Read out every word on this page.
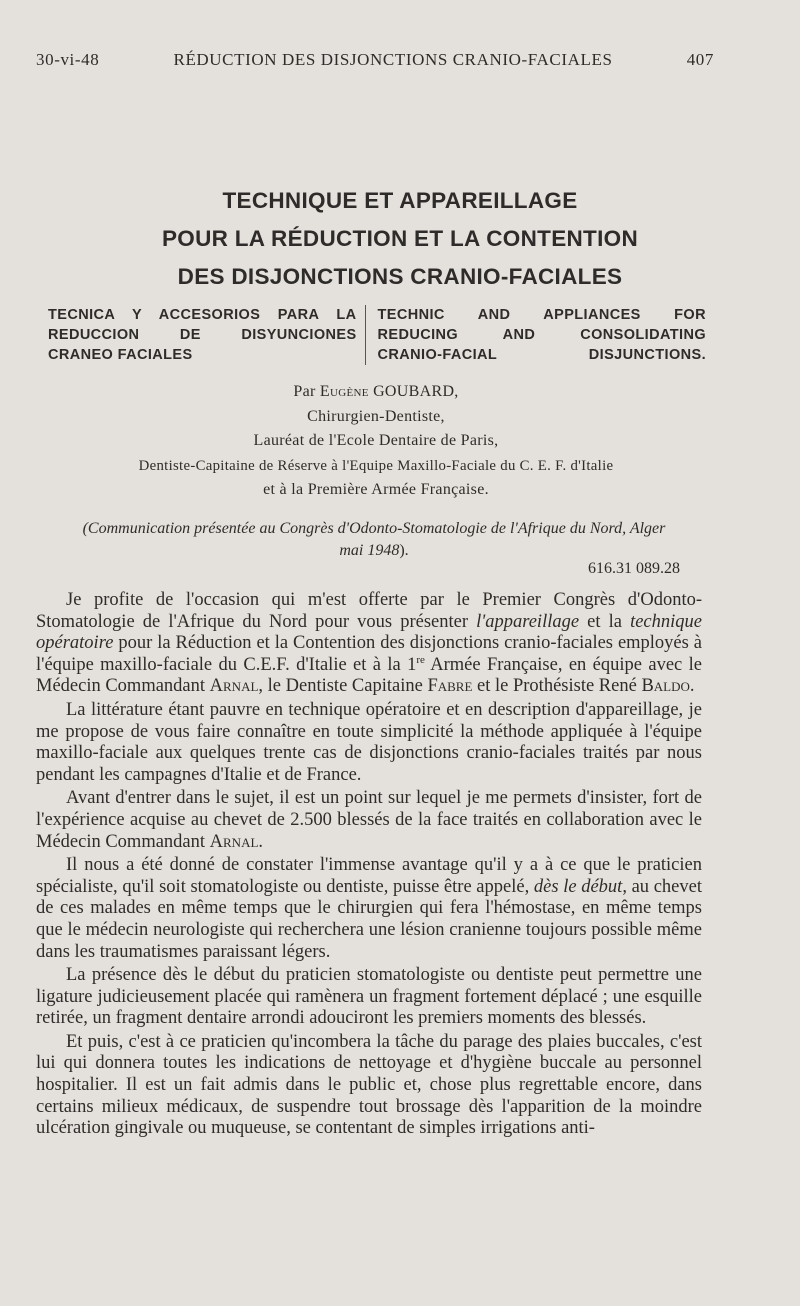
30-vi-48	RÉDUCTION DES DISJONCTIONS CRANIO-FACIALES	407
TECHNIQUE ET APPAREILLAGE
POUR LA RÉDUCTION ET LA CONTENTION
DES DISJONCTIONS CRANIO-FACIALES
TECNICA Y ACCESORIOS PARA LA
REDUCCION DE DISYUNCIONES
CRANEO FACIALES
TECHNIC AND APPLIANCES FOR
REDUCING AND CONSOLIDATING
CRANIO-FACIAL DISJUNCTIONS.
Par Eugène GOUBARD,
Chirurgien-Dentiste,
Lauréat de l'Ecole Dentaire de Paris,
Dentiste-Capitaine de Réserve à l'Equipe Maxillo-Faciale du C. E. F. d'Italie
et à la Première Armée Française.
(Communication présentée au Congrès d'Odonto-Stomatologie de l'Afrique du Nord, Alger
mai 1948).
616.31 089.28

Je profite de l'occasion qui m'est offerte par le Premier Congrès d'Odonto-Stomatologie de l'Afrique du Nord pour vous présenter l'appareillage et la technique opératoire pour la Réduction et la Contention des disjonctions cranio-faciales employés à l'équipe maxillo-faciale du C.E.F. d'Italie et à la 1re Armée Française, en équipe avec le Médecin Commandant Arnal, le Dentiste Capitaine Fabre et le Prothésiste René Baldo.

La littérature étant pauvre en technique opératoire et en description d'appareillage, je me propose de vous faire connaître en toute simplicité la méthode appliquée à l'équipe maxillo-faciale aux quelques trente cas de disjonctions cranio-faciales traités par nous pendant les campagnes d'Italie et de France.

Avant d'entrer dans le sujet, il est un point sur lequel je me permets d'insister, fort de l'expérience acquise au chevet de 2.500 blessés de la face traités en collaboration avec le Médecin Commandant Arnal.

Il nous a été donné de constater l'immense avantage qu'il y a à ce que le praticien spécialiste, qu'il soit stomatologiste ou dentiste, puisse être appelé, dès le début, au chevet de ces malades en même temps que le chirurgien qui fera l'hémostase, en même temps que le médecin neurologiste qui recherchera une lésion cranienne toujours possible même dans les traumatismes paraissant légers.

La présence dès le début du praticien stomatologiste ou dentiste peut permettre une ligature judicieusement placée qui ramènera un fragment fortement déplacé ; une esquille retirée, un fragment dentaire arrondi adouciront les premiers moments des blessés.

Et puis, c'est à ce praticien qu'incombera la tâche du parage des plaies buccales, c'est lui qui donnera toutes les indications de nettoyage et d'hygiène buccale au personnel hospitalier. Il est un fait admis dans le public et, chose plus regrettable encore, dans certains milieux médicaux, de suspendre tout brossage dès l'apparition de la moindre ulcération gingivale ou muqueuse, se contentant de simples irrigations anti-
